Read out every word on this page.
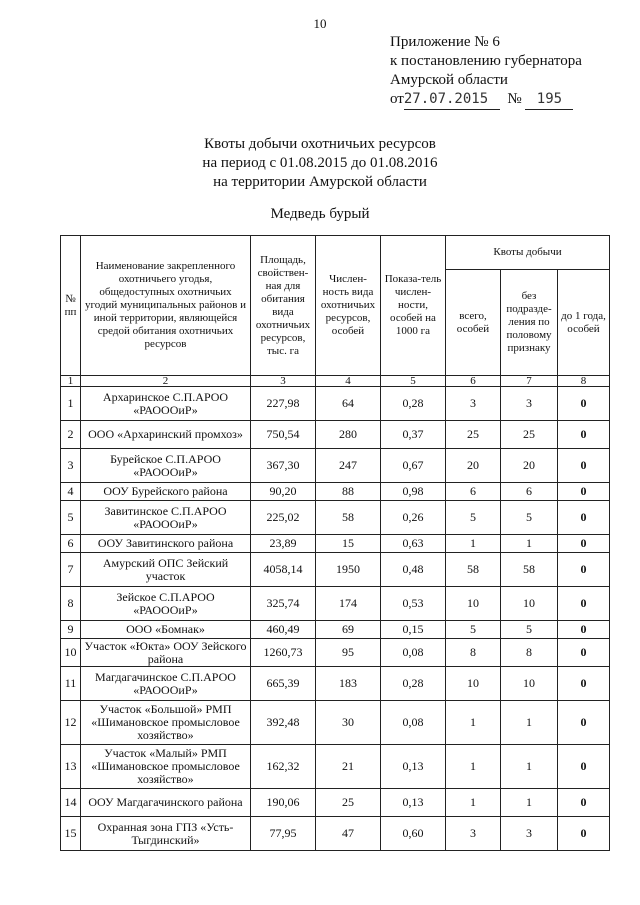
10
Приложение № 6
к постановлению губернатора
Амурской области
от27.07.2015 № 195
Квоты добычи охотничьих ресурсов
на период с 01.08.2015 до 01.08.2016
на территории Амурской области
Медведь бурый
№ пп	Наименование закрепленного охотничьего угодья, общедоступных охотничьих угодий муниципальных районов и иной территории, являющейся средой обитания охотничьих ресурсов	Площадь, свойствен-ная для обитания вида охотничьих ресурсов, тыс. га	Числен-ность вида охотничьих ресурсов, особей	Показа-тель числен-ности, особей на 1000 га	Квоты добычи		
					всего, особей	без подразде-ления по половому признаку	до 1 года, особей
1	2	3	4	5	6	7	8
1	Архаринское С.П.АРОО «РАОООиР»	227,98	64	0,28	3	3	0
2	ООО «Архаринский промхоз»	750,54	280	0,37	25	25	0
3	Бурейское С.П.АРОО «РАОООиР»	367,30	247	0,67	20	20	0
4	ООУ Бурейского района	90,20	88	0,98	6	6	0
5	Завитинское С.П.АРОО «РАОООиР»	225,02	58	0,26	5	5	0
6	ООУ Завитинского района	23,89	15	0,63	1	1	0
7	Амурский ОПС Зейский участок	4058,14	1950	0,48	58	58	0
8	Зейское С.П.АРОО «РАОООиР»	325,74	174	0,53	10	10	0
9	ООО «Бомнак»	460,49	69	0,15	5	5	0
10	Участок «Юкта» ООУ Зейского района	1260,73	95	0,08	8	8	0
11	Магдагачинское С.П.АРОО «РАОООиР»	665,39	183	0,28	10	10	0
12	Участок «Большой» РМП «Шимановское промысловое хозяйство»	392,48	30	0,08	1	1	0
13	Участок «Малый» РМП «Шимановское промысловое хозяйство»	162,32	21	0,13	1	1	0
14	ООУ Магдагачинского района	190,06	25	0,13	1	1	0
15	Охранная зона ГПЗ «Усть-Тыгдинский»	77,95	47	0,60	3	3	0
